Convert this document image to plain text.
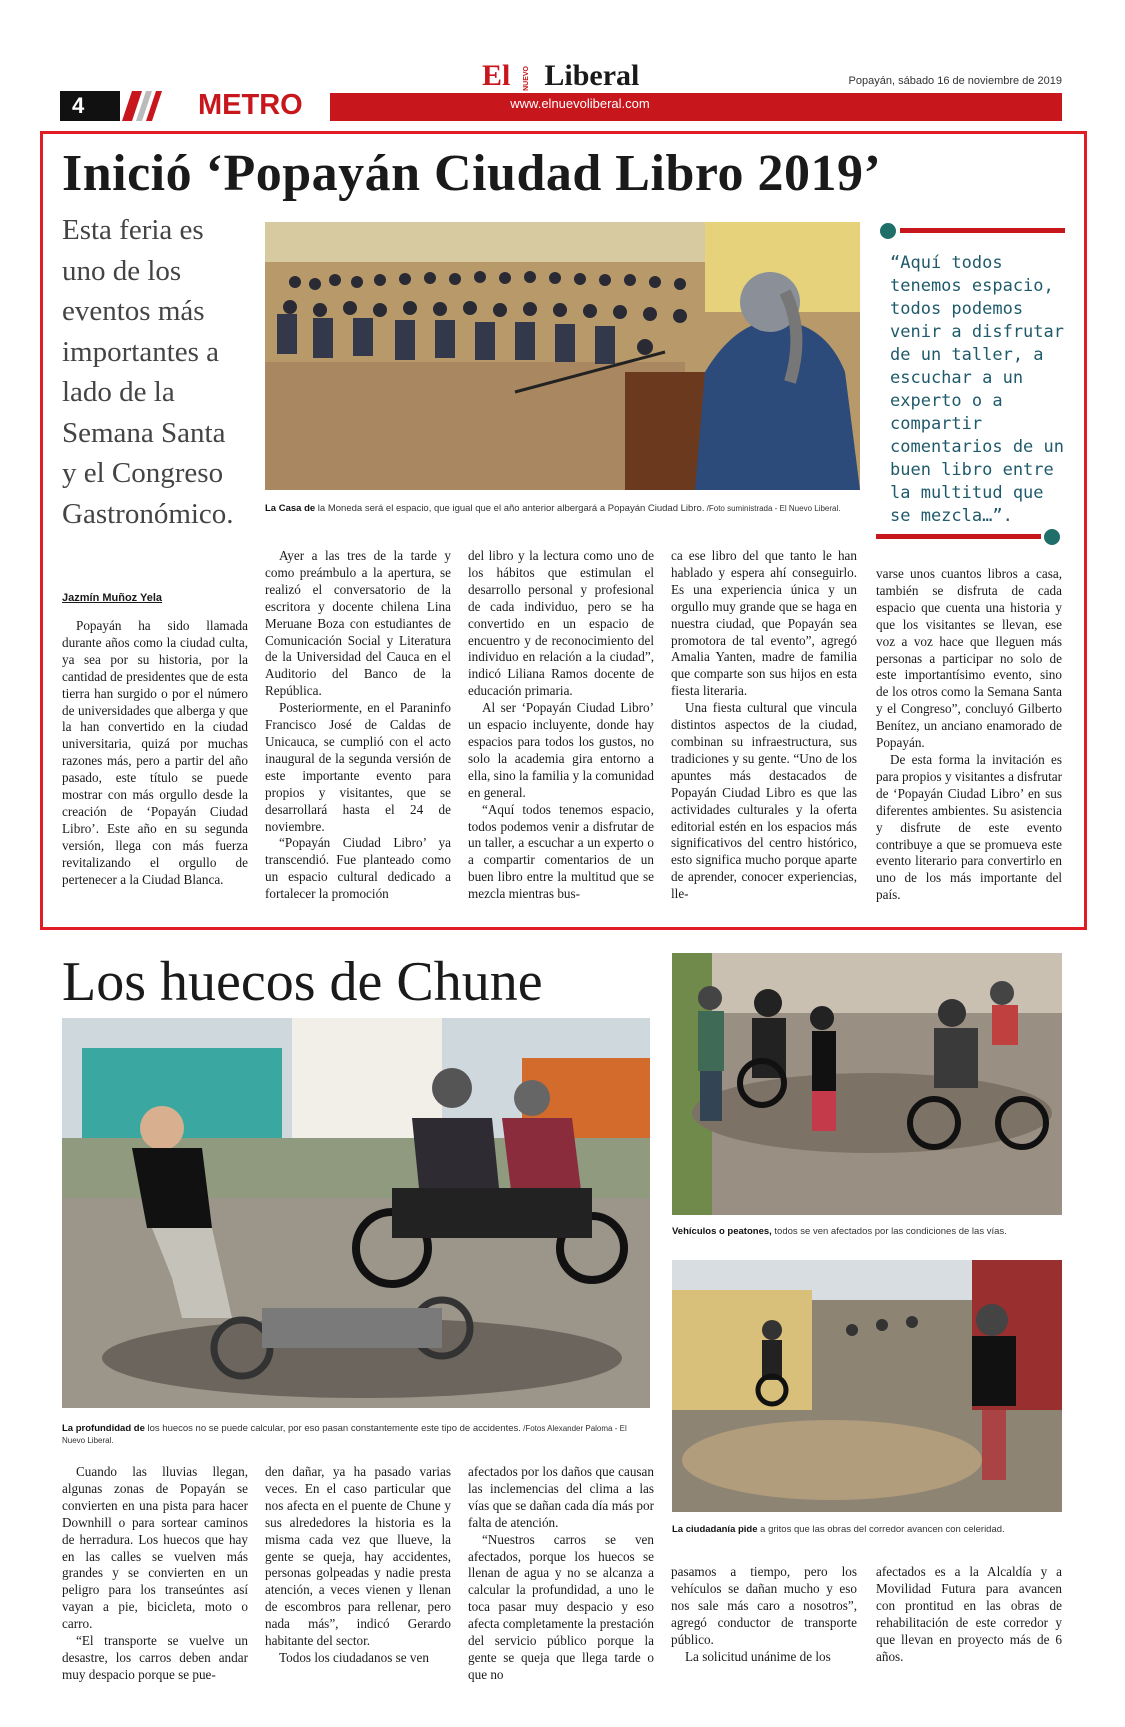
4	METRO	www.elnuevoliberal.com
El NUEVO Liberal	Popayán, sábado 16 de noviembre de 2019
Inició ‘Popayán Ciudad Libro 2019’
Esta feria es uno de los eventos más importantes a lado de la Semana Santa y el Congreso Gastronómico.
Jazmín Muñoz Yela
La Casa de la Moneda será el espacio, que igual que el año anterior albergará a Popayán Ciudad Libro. /Foto suministrada - El Nuevo Liberal.
“Aquí todos tenemos espacio, todos podemos venir a disfrutar de un taller, a escuchar a un experto o a compartir comentarios de un buen libro entre la multitud que se mezcla…”.

Popayán ha sido llamada durante años como la ciudad culta, ya sea por su historia, por la cantidad de presidentes que de esta tierra han surgido o por el número de universidades que alberga y que la han convertido en la ciudad universitaria, quizá por muchas razones más, pero a partir del año pasado, este título se puede mostrar con más orgullo desde la creación de ‘Popayán Ciudad Libro’. Este año en su segunda versión, llega con más fuerza revitalizando el orgullo de pertenecer a la Ciudad Blanca.

Ayer a las tres de la tarde y como preámbulo a la apertura, se realizó el conversatorio de la escritora y docente chilena Lina Meruane Boza con estudiantes de Comunicación Social y Literatura de la Universidad del Cauca en el Auditorio del Banco de la República.

Posteriormente, en el Paraninfo Francisco José de Caldas de Unicauca, se cumplió con el acto inaugural de la segunda versión de este importante evento para propios y visitantes, que se desarrollará hasta el 24 de noviembre.

“Popayán Ciudad Libro’ ya transcendió. Fue planteado como un espacio cultural dedicado a fortalecer la promoción

del libro y la lectura como uno de los hábitos que estimulan el desarrollo personal y profesional de cada individuo, pero se ha convertido en un espacio de encuentro y de reconocimiento del individuo en relación a la ciudad”, indicó Liliana Ramos docente de educación primaria.

Al ser ‘Popayán Ciudad Libro’ un espacio incluyente, donde hay espacios para todos los gustos, no solo la academia gira entorno a ella, sino la familia y la comunidad en general.

“Aquí todos tenemos espacio, todos podemos venir a disfrutar de un taller, a escuchar a un experto o a compartir comentarios de un buen libro entre la multitud que se mezcla mientras bus-

ca ese libro del que tanto le han hablado y espera ahí conseguirlo. Es una experiencia única y un orgullo muy grande que se haga en nuestra ciudad, que Popayán sea promotora de tal evento”, agregó Amalia Yanten, madre de familia que comparte son sus hijos en esta fiesta literaria.

Una fiesta cultural que vincula distintos aspectos de la ciudad, combinan su infraestructura, sus tradiciones y su gente. “Uno de los apuntes más destacados de Popayán Ciudad Libro es que las actividades culturales y la oferta editorial estén en los espacios más significativos del centro histórico, esto significa mucho porque aparte de aprender, conocer experiencias, lle-

varse unos cuantos libros a casa, también se disfruta de cada espacio que cuenta una historia y que los visitantes se llevan, ese voz a voz hace que lleguen más personas a participar no solo de este importantísimo evento, sino de los otros como la Semana Santa y el Congreso”, concluyó Gilberto Benítez, un anciano enamorado de Popayán.

De esta forma la invitación es para propios y visitantes a disfrutar de ‘Popayán Ciudad Libro’ en sus diferentes ambientes. Su asistencia y disfrute de este evento contribuye a que se promueva este evento literario para convertirlo en uno de los más importante del país.

Los huecos de Chune
La profundidad de los huecos no se puede calcular, por eso pasan constantemente este tipo de accidentes. /Fotos Alexander Paloma - El Nuevo Liberal.
Vehículos o peatones, todos se ven afectados por las condiciones de las vías.
La ciudadanía pide a gritos que las obras del corredor avancen con celeridad.

Cuando las lluvias llegan, algunas zonas de Popayán se convierten en una pista para hacer Downhill o para sortear caminos de herradura. Los huecos que hay en las calles se vuelven más grandes y se convierten en un peligro para los transeúntes así vayan a pie, bicicleta, moto o carro.

“El transporte se vuelve un desastre, los carros deben andar muy despacio porque se pue-

den dañar, ya ha pasado varias veces. En el caso particular que nos afecta en el puente de Chune y sus alrededores la historia es la misma cada vez que llueve, la gente se queja, hay accidentes, personas golpeadas y nadie presta atención, a veces vienen y llenan de escombros para rellenar, pero nada más”, indicó Gerardo habitante del sector.

Todos los ciudadanos se ven

afectados por los daños que causan las inclemencias del clima a las vías que se dañan cada día más por falta de atención.

“Nuestros carros se ven afectados, porque los huecos se llenan de agua y no se alcanza a calcular la profundidad, a uno le toca pasar muy despacio y eso afecta completamente la prestación del servicio público porque la gente se queja que llega tarde o que no

pasamos a tiempo, pero los vehículos se dañan mucho y eso nos sale más caro a nosotros”, agregó conductor de transporte público.

La solicitud unánime de los

afectados es a la Alcaldía y a Movilidad Futura para avancen con prontitud en las obras de rehabilitación de este corredor y que llevan en proyecto más de 6 años.
